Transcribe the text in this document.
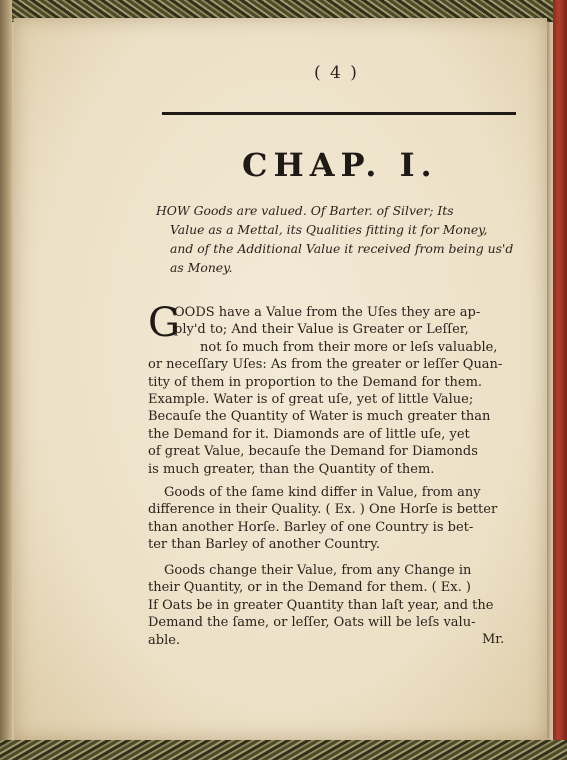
( 4 )
CHAP. I.
HOW Goods are valued. Of Barter. of Silver; Its
Value as a Mettal, its Qualities fitting it for Money,
and of the Additional Value it received from being us'd
as Money.
G
OODS have a Value from the Uſes they are ap-
ply'd to; And their Value is Greater or Leſſer,
not ſo much from their more or leſs valuable,
or neceſſary Uſes: As from the greater or leſſer Quan-
tity of them in proportion to the Demand for them.
Example. Water is of great uſe, yet of little Value;
Becauſe the Quantity of Water is much greater than
the Demand for it. Diamonds are of little uſe, yet
of great Value, becauſe the Demand for Diamonds
is much greater, than the Quantity of them.
Goods of the ſame kind differ in Value, from any
difference in their Quality. ( Ex. ) One Horſe is better
than another Horſe. Barley of one Country is bet-
ter than Barley of another Country.
Goods change their Value, from any Change in
their Quantity, or in the Demand for them. ( Ex. )
If Oats be in greater Quantity than laſt year, and the
Demand the ſame, or leſſer, Oats will be leſs valu-
able.	Mr.
